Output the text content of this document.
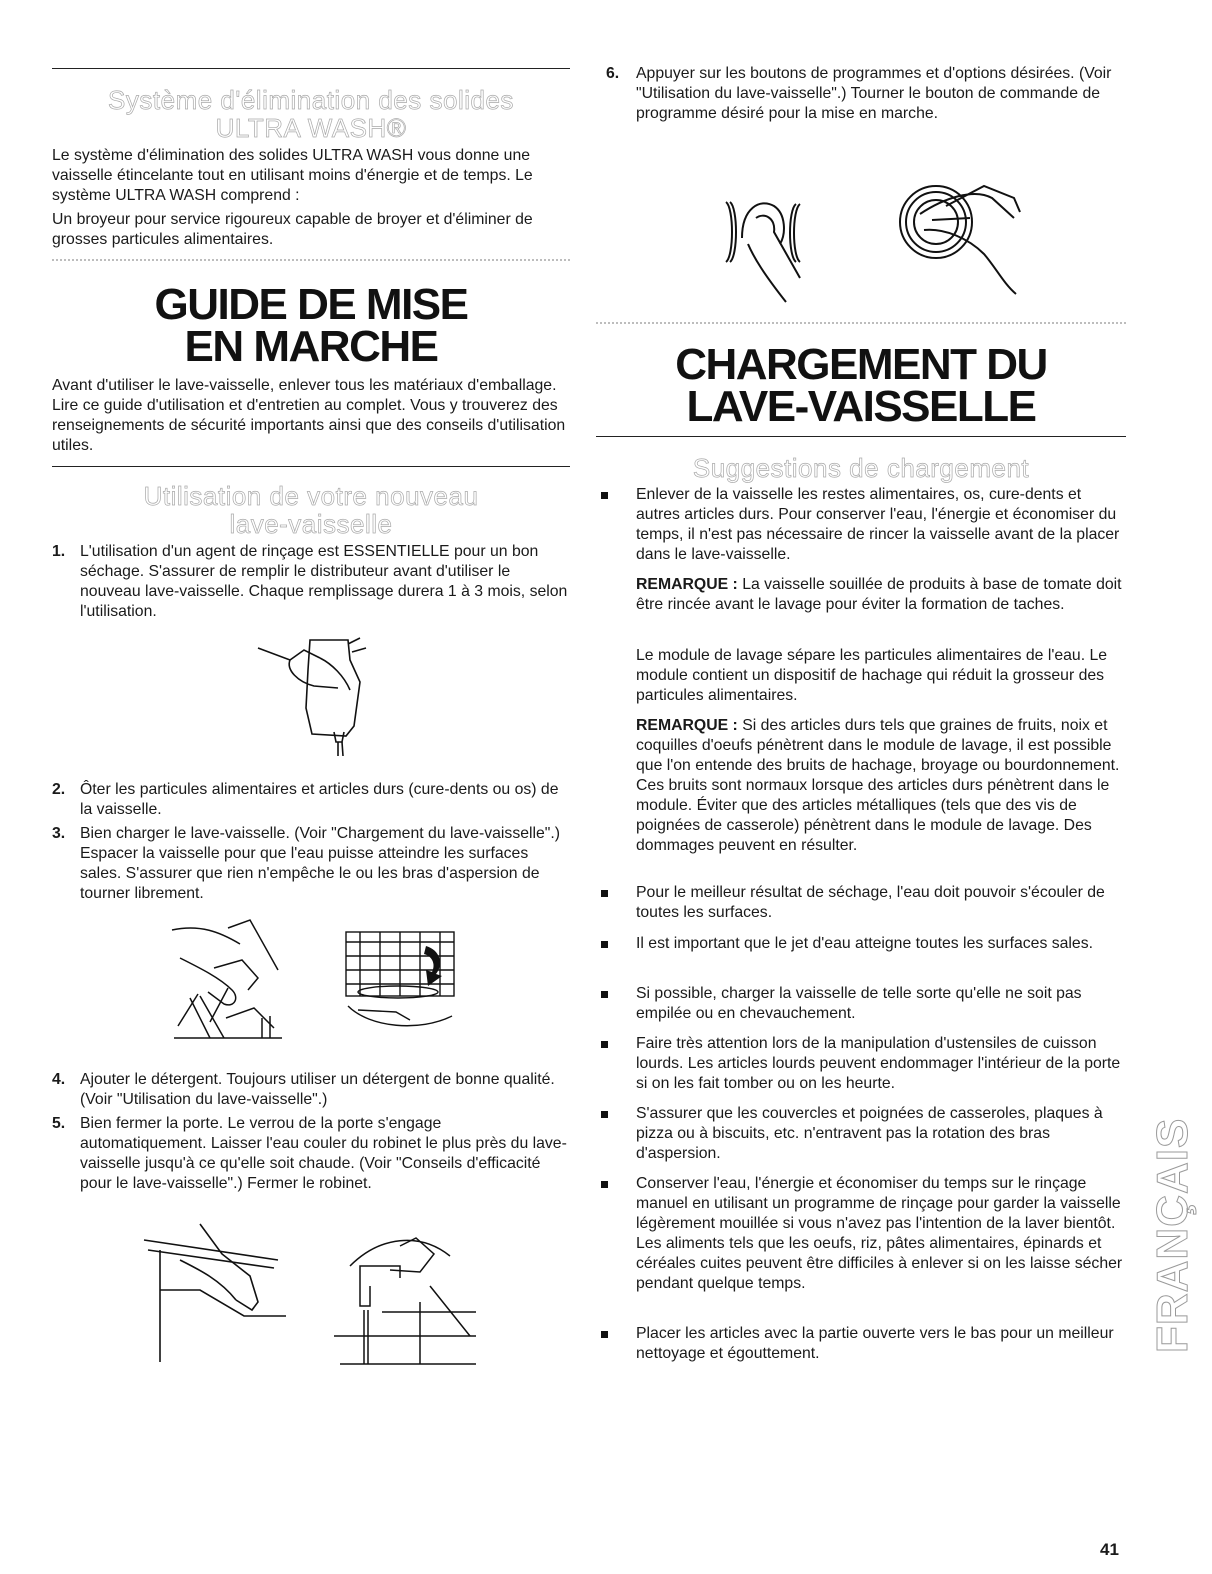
Système d'élimination des solides
ULTRA WASH®

Le système d'élimination des solides ULTRA WASH vous donne une vaisselle étincelante tout en utilisant moins d'énergie et de temps. Le système ULTRA WASH comprend :

Un broyeur pour service rigoureux capable de broyer et d'éliminer de grosses particules alimentaires.

GUIDE DE MISE
EN MARCHE

Avant d'utiliser le lave-vaisselle, enlever tous les matériaux d'emballage. Lire ce guide d'utilisation et d'entretien au complet. Vous y trouverez des renseignements de sécurité importants ainsi que des conseils d'utilisation utiles.

Utilisation de votre nouveau
lave-vaisselle
1. L'utilisation d'un agent de rinçage est ESSENTIELLE pour un bon séchage. S'assurer de remplir le distributeur avant d'utiliser le nouveau lave-vaisselle. Chaque remplissage durera 1 à 3 mois, selon l'utilisation.

2. Ôter les particules alimentaires et articles durs (cure-dents ou os) de la vaisselle.

3. Bien charger le lave-vaisselle. (Voir "Chargement du lave-vaisselle".) Espacer la vaisselle pour que l'eau puisse atteindre les surfaces sales. S'assurer que rien n'empêche le ou les bras d'aspersion de tourner librement.

4. Ajouter le détergent. Toujours utiliser un détergent de bonne qualité. (Voir "Utilisation du lave-vaisselle".)

5. Bien fermer la porte. Le verrou de la porte s'engage automatiquement. Laisser l'eau couler du robinet le plus près du lave-vaisselle jusqu'à ce qu'elle soit chaude. (Voir "Conseils d'efficacité pour le lave-vaisselle".) Fermer le robinet.

6. Appuyer sur les boutons de programmes et d'options désirées. (Voir "Utilisation du lave-vaisselle".) Tourner le bouton de commande de programme désiré pour la mise en marche.

CHARGEMENT DU
LAVE-VAISSELLE
Suggestions de chargement

Enlever de la vaisselle les restes alimentaires, os, cure-dents et autres articles durs. Pour conserver l'eau, l'énergie et économiser du temps, il n'est pas nécessaire de rincer la vaisselle avant de la placer dans le lave-vaisselle.

REMARQUE : La vaisselle souillée de produits à base de tomate doit être rincée avant le lavage pour éviter la formation de taches.

Le module de lavage sépare les particules alimentaires de l'eau. Le module contient un dispositif de hachage qui réduit la grosseur des particules alimentaires.

REMARQUE : Si des articles durs tels que graines de fruits, noix et coquilles d'oeufs pénètrent dans le module de lavage, il est possible que l'on entende des bruits de hachage, broyage ou bourdonnement. Ces bruits sont normaux lorsque des articles durs pénètrent dans le module. Éviter que des articles métalliques (tels que des vis de poignées de casserole) pénètrent dans le module de lavage. Des dommages peuvent en résulter.

Pour le meilleur résultat de séchage, l'eau doit pouvoir s'écouler de toutes les surfaces.

Il est important que le jet d'eau atteigne toutes les surfaces sales.

Si possible, charger la vaisselle de telle sorte qu'elle ne soit pas empilée ou en chevauchement.

Faire très attention lors de la manipulation d'ustensiles de cuisson lourds. Les articles lourds peuvent endommager l'intérieur de la porte si on les fait tomber ou on les heurte.

S'assurer que les couvercles et poignées de casseroles, plaques à pizza ou à biscuits, etc. n'entravent pas la rotation des bras d'aspersion.

Conserver l'eau, l'énergie et économiser du temps sur le rinçage manuel en utilisant un programme de rinçage pour garder la vaisselle légèrement mouillée si vous n'avez pas l'intention de la laver bientôt. Les aliments tels que les oeufs, riz, pâtes alimentaires, épinards et céréales cuites peuvent être difficiles à enlever si on les laisse sécher pendant quelque temps.

Placer les articles avec la partie ouverte vers le bas pour un meilleur nettoyage et égouttement.

FRANÇAIS
41
